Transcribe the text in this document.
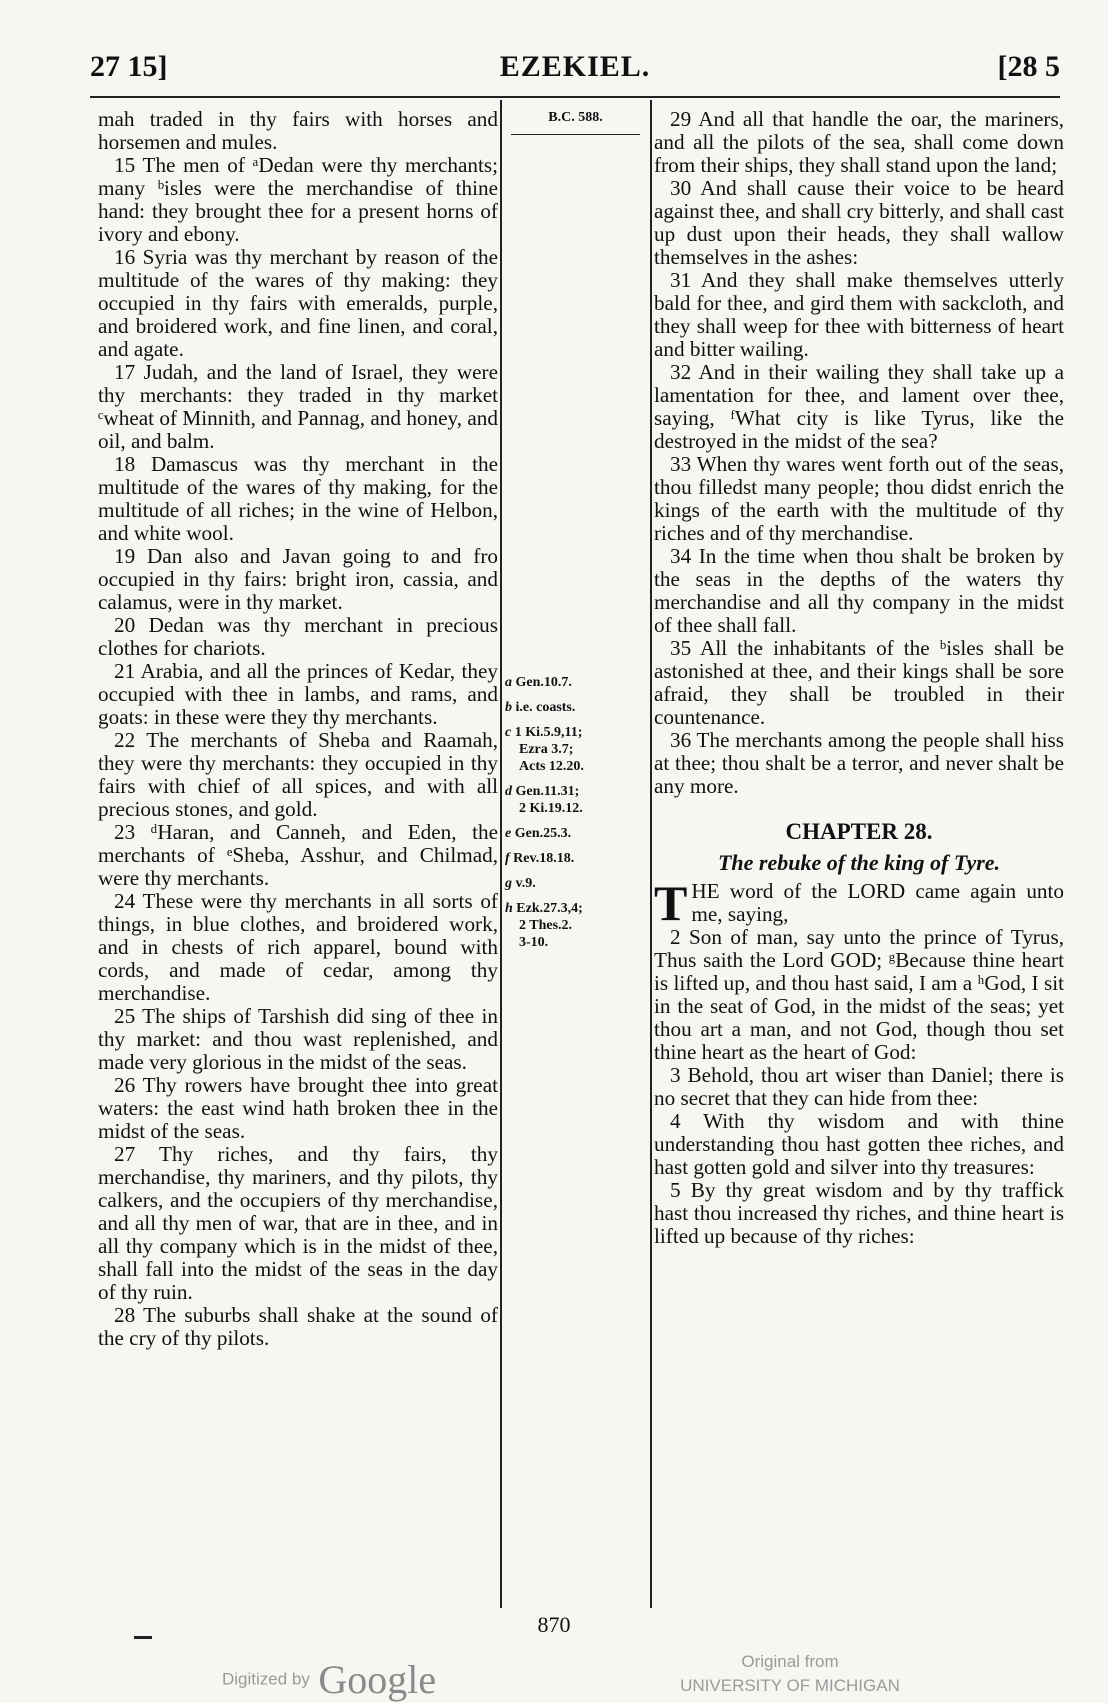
27 15]	EZEKIEL.	[28 5

mah traded in thy fairs with horses and horsemen and mules.

15 The men of ᵃDedan were thy merchants; many ᵇisles were the merchandise of thine hand: they brought thee for a present horns of ivory and ebony.

16 Syria was thy merchant by reason of the multitude of the wares of thy making: they occupied in thy fairs with emeralds, purple, and broidered work, and fine linen, and coral, and agate.

17 Judah, and the land of Israel, they were thy merchants: they traded in thy market ᶜwheat of Minnith, and Pannag, and honey, and oil, and balm.

18 Damascus was thy merchant in the multitude of the wares of thy making, for the multitude of all riches; in the wine of Helbon, and white wool.

19 Dan also and Javan going to and fro occupied in thy fairs: bright iron, cassia, and calamus, were in thy market.

20 Dedan was thy merchant in precious clothes for chariots.

21 Arabia, and all the princes of Kedar, they occupied with thee in lambs, and rams, and goats: in these were they thy merchants.

22 The merchants of Sheba and Raamah, they were thy merchants: they occupied in thy fairs with chief of all spices, and with all precious stones, and gold.

23 ᵈHaran, and Canneh, and Eden, the merchants of ᵉSheba, Asshur, and Chilmad, were thy merchants.

24 These were thy merchants in all sorts of things, in blue clothes, and broidered work, and in chests of rich apparel, bound with cords, and made of cedar, among thy merchandise.

25 The ships of Tarshish did sing of thee in thy market: and thou wast replenished, and made very glorious in the midst of the seas.

26 Thy rowers have brought thee into great waters: the east wind hath broken thee in the midst of the seas.

27 Thy riches, and thy fairs, thy merchandise, thy mariners, and thy pilots, thy calkers, and the occupiers of thy merchandise, and all thy men of war, that are in thee, and in all thy company which is in the midst of thee, shall fall into the midst of the seas in the day of thy ruin.

28 The suburbs shall shake at the sound of the cry of thy pilots.

B.C. 588.
a Gen.10.7.
b i.e. coasts.
c 1 Ki.5.9,11;
Ezra 3.7;
Acts 12.20.
d Gen.11.31;
2 Ki.19.12.
e Gen.25.3.
f Rev.18.18.
g v.9.
h Ezk.27.3,4;
2 Thes.2.
3-10.

29 And all that handle the oar, the mariners, and all the pilots of the sea, shall come down from their ships, they shall stand upon the land;

30 And shall cause their voice to be heard against thee, and shall cry bitterly, and shall cast up dust upon their heads, they shall wallow themselves in the ashes:

31 And they shall make themselves utterly bald for thee, and gird them with sackcloth, and they shall weep for thee with bitterness of heart and bitter wailing.

32 And in their wailing they shall take up a lamentation for thee, and lament over thee, saying, ᶠWhat city is like Tyrus, like the destroyed in the midst of the sea?

33 When thy wares went forth out of the seas, thou filledst many people; thou didst enrich the kings of the earth with the multitude of thy riches and of thy merchandise.

34 In the time when thou shalt be broken by the seas in the depths of the waters thy merchandise and all thy company in the midst of thee shall fall.

35 All the inhabitants of the ᵇisles shall be astonished at thee, and their kings shall be sore afraid, they shall be troubled in their countenance.

36 The merchants among the people shall hiss at thee; thou shalt be a terror, and never shalt be any more.

CHAPTER 28.
The rebuke of the king of Tyre.

THE word of the LORD came again unto me, saying,

2 Son of man, say unto the prince of Tyrus, Thus saith the Lord GOD; ᵍBecause thine heart is lifted up, and thou hast said, I am a ʰGod, I sit in the seat of God, in the midst of the seas; yet thou art a man, and not God, though thou set thine heart as the heart of God:

3 Behold, thou art wiser than Daniel; there is no secret that they can hide from thee:

4 With thy wisdom and with thine understanding thou hast gotten thee riches, and hast gotten gold and silver into thy treasures:

5 By thy great wisdom and by thy traffick hast thou increased thy riches, and thine heart is lifted up because of thy riches:

870
Digitized by Google	Original from
UNIVERSITY OF MICHIGAN
